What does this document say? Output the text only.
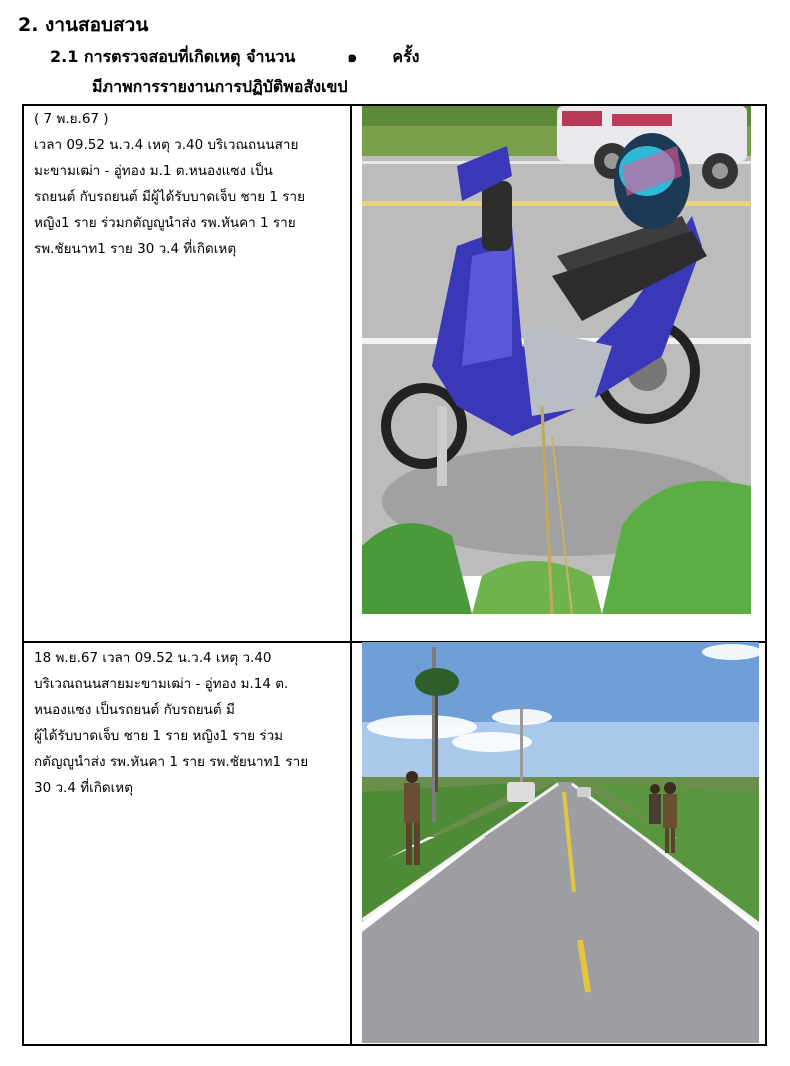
2. งานสอบสวน
2.1 การตรวจสอบที่เกิดเหตุ จำนวน	๑ ครั้ง
มีภาพการรายงานการปฏิบัติพอสังเขป
( 7 พ.ย.67 )
เวลา 09.52 น.ว.4 เหตุ ว.40 บริเวณถนนสาย
มะขามเฒ่า - อู่ทอง ม.1 ต.หนองแซง เป็น
รถยนต์ กับรถยนต์ มีผู้ได้รับบาดเจ็บ ชาย 1 ราย
หญิง1 ราย ร่วมกตัญญูนำส่ง รพ.หันคา 1 ราย
รพ.ชัยนาท1 ราย 30 ว.4 ที่เกิดเหตุ
18 พ.ย.67 เวลา 09.52 น.ว.4 เหตุ ว.40
บริเวณถนนสายมะขามเฒ่า - อู่ทอง ม.14 ต.
หนองแซง เป็นรถยนต์ กับรถยนต์ มี
ผู้ได้รับบาดเจ็บ ชาย 1 ราย หญิง1 ราย ร่วม
กตัญญูนำส่ง รพ.หันคา 1 ราย รพ.ชัยนาท1 ราย
30 ว.4 ที่เกิดเหตุ
